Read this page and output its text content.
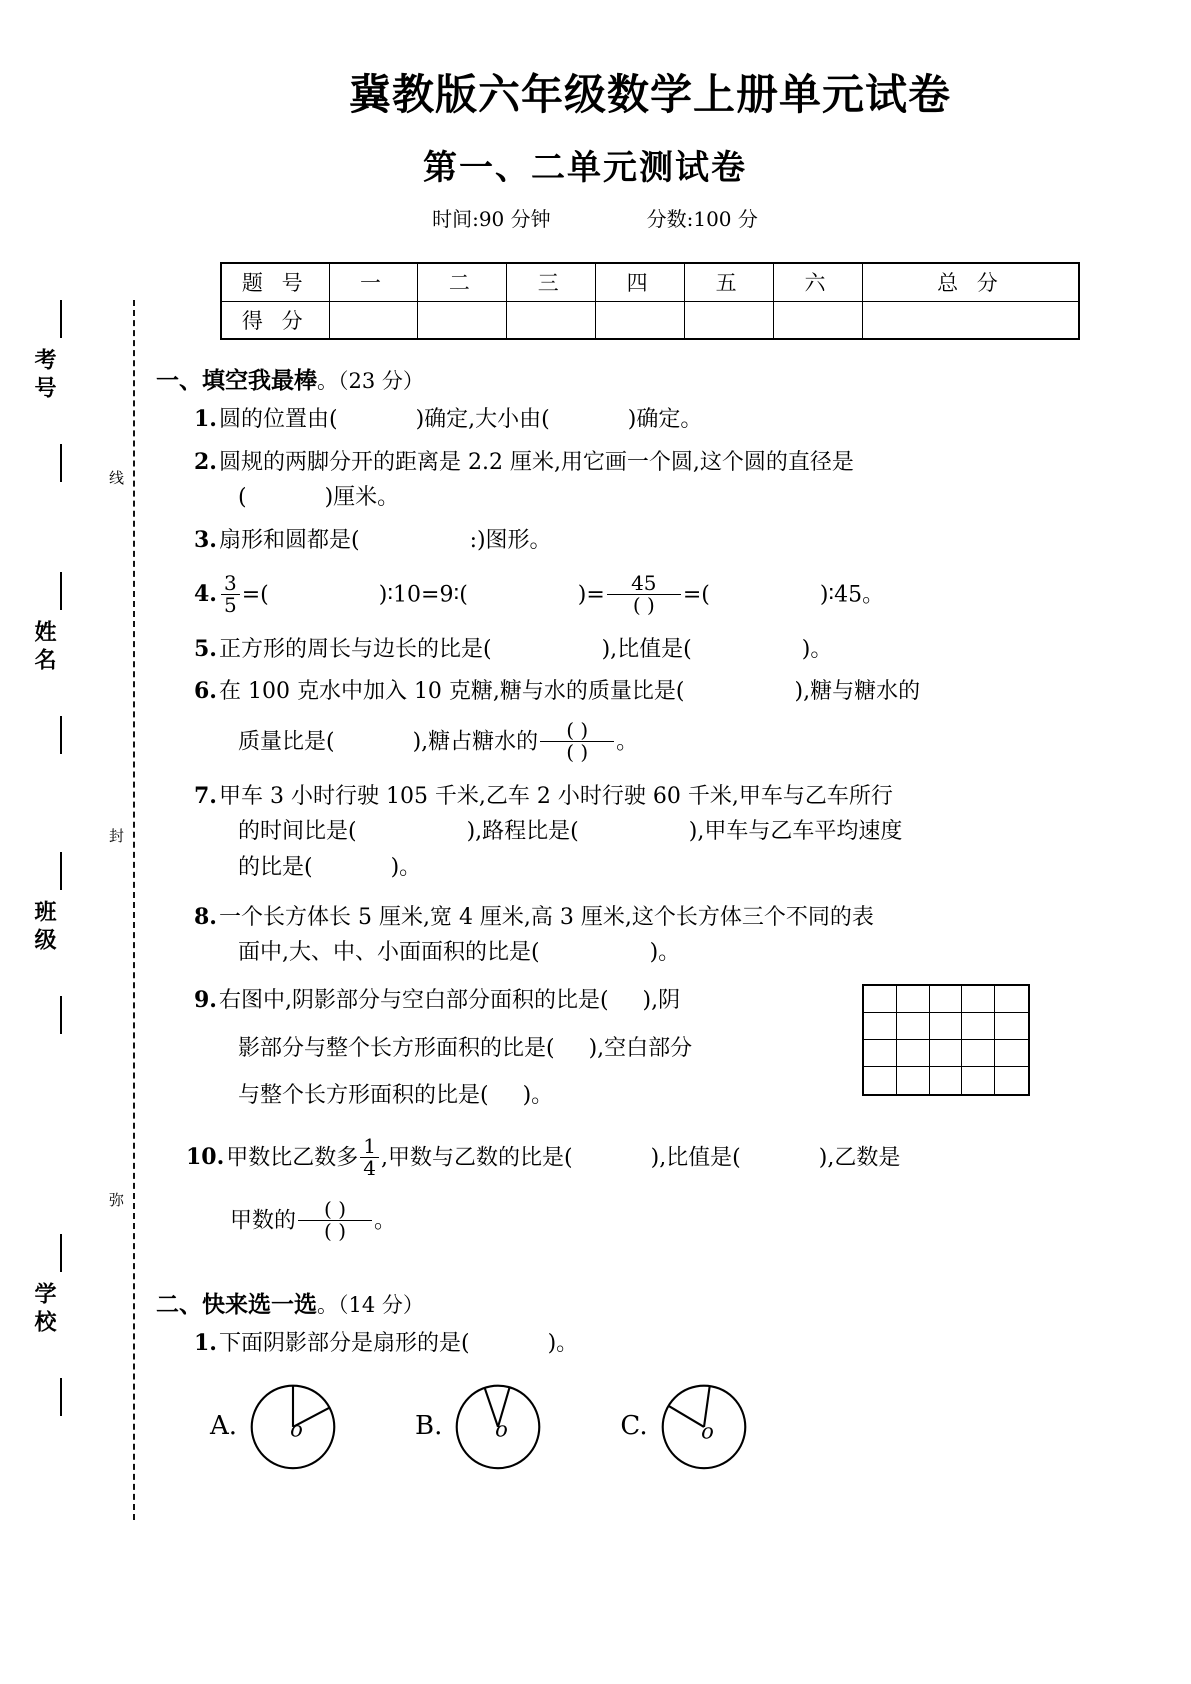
考号
姓名
班级
学校
线
封
弥
冀教版六年级数学上册单元试卷
第一、二单元测试卷
时间:90 分钟	分数:100 分
题 号	一	二	三	四	五	六	总 分
得 分							
一、填空我最棒。（23 分）
1.圆的位置由(	)确定,大小由(	)确定。
2.圆规的两脚分开的距离是 2.2 厘米,用它画一个圆,这个圆的直径是
(	)厘米。
3.扇形和圆都是(	:)图形。
4. $\frac{3}{5}$ =(	)∶10=9∶(	)= $\frac{45}{( )}$ =(	)∶45。
5.正方形的周长与边长的比是(	),比值是(	)。
6.在 100 克水中加入 10 克糖,糖与水的质量比是(	),糖与糖水的
质量比是(	),糖占糖水的 $\frac{( )}{( )}$ 。
7.甲车 3 小时行驶 105 千米,乙车 2 小时行驶 60 千米,甲车与乙车所行
的时间比是(	),路程比是(	),甲车与乙车平均速度
的比是(	)。
8.一个长方体长 5 厘米,宽 4 厘米,高 3 厘米,这个长方体三个不同的表
面中,大、中、小面面积的比是(	)。
9.右图中,阴影部分与空白部分面积的比是( ),阴
影部分与整个长方形面积的比是( ),空白部分
与整个长方形面积的比是( )。
10.甲数比乙数多 $\frac{1}{4}$ ,甲数与乙数的比是(	),比值是(	),乙数是
甲数的 $\frac{( )}{( )}$ 。
二、快来选一选。（14 分）
1.下面阴影部分是扇形的是(	)。
A. o	B. o	C. o
